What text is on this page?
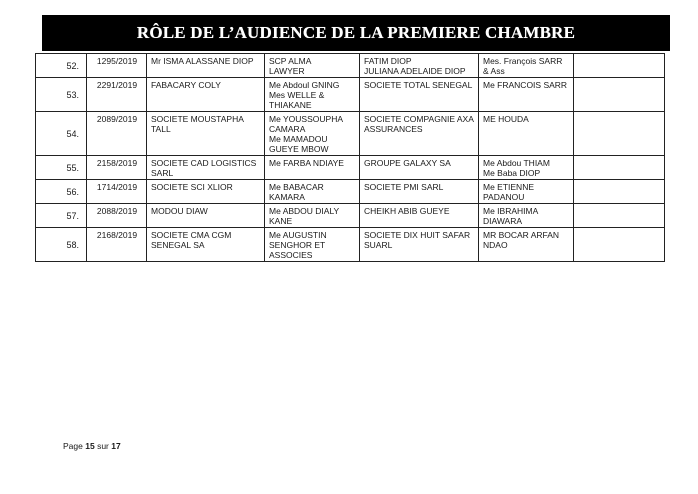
RÔLE DE L’AUDIENCE DE LA PREMIERE CHAMBRE
52.	1295/2019	Mr ISMA ALASSANE DIOP	SCP ALMA
LAWYER	FATIM DIOP
JULIANA ADELAIDE DIOP	Mes. François SARR
& Ass	

53.	2291/2019	FABACARY COLY	Me Abdoul GNING
Mes WELLE &
THIAKANE	SOCIETE TOTAL SENEGAL	Me FRANCOIS SARR	

54.	2089/2019	SOCIETE MOUSTAPHA
TALL	Me YOUSSOUPHA
CAMARA
Me MAMADOU
GUEYE MBOW	SOCIETE COMPAGNIE AXA
ASSURANCES	ME HOUDA	

55.	2158/2019	SOCIETE CAD LOGISTICS
SARL	Me FARBA NDIAYE	GROUPE GALAXY SA	Me Abdou THIAM
Me Baba DIOP	

56.	1714/2019	SOCIETE SCI XLIOR	Me BABACAR
KAMARA	SOCIETE PMI SARL	Me ETIENNE
PADANOU	

57.	2088/2019	MODOU DIAW	Me ABDOU DIALY
KANE	CHEIKH ABIB GUEYE	Me IBRAHIMA
DIAWARA	

58.	2168/2019	SOCIETE CMA CGM
SENEGAL SA	Me AUGUSTIN
SENGHOR ET
ASSOCIES	SOCIETE DIX HUIT SAFAR
SUARL	MR BOCAR ARFAN
NDAO	

Page 15 sur 17
